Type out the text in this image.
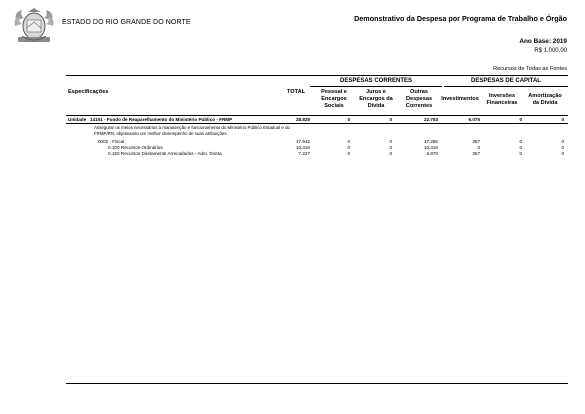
ESTADO DO RIO GRANDE DO NORTE	Demonstrativo da Despesa por Programa de Trabalho e Órgão
Ano Base: 2019
R$ 1.000,00
Recursos de Todas as Fontes
DESPESAS CORRENTES	DESPESAS DE CAPITAL
Especificações	TOTAL	Pessoal e
Encargos
Sociais
Juros e
Encargos da
Dívida
Outras
Despesas
Correntes
Investimentos	Inversões
Financeiras
Amortização
da Dívida
Unidade 14151 - Fundo de Reaparelhamento do Ministério Público - FRMP	28.828	0	0	22.753	6.075	0	0
Assegurar os meios necessários à manutenção e funcionamento do Ministério Público Estadual e do FRMP/RN, objetivando um melhor desempenho de suas atribuições.
0002 - Fiscal	17.642	0	0	17.286	357	0	0
0.100 Recursos Ordinários	10.416	0	0	10.416	0	0	0
0.150 Recursos Diretamente Arrecadados - Adm. Direta	7.227	0	0	6.870	357	0	0
